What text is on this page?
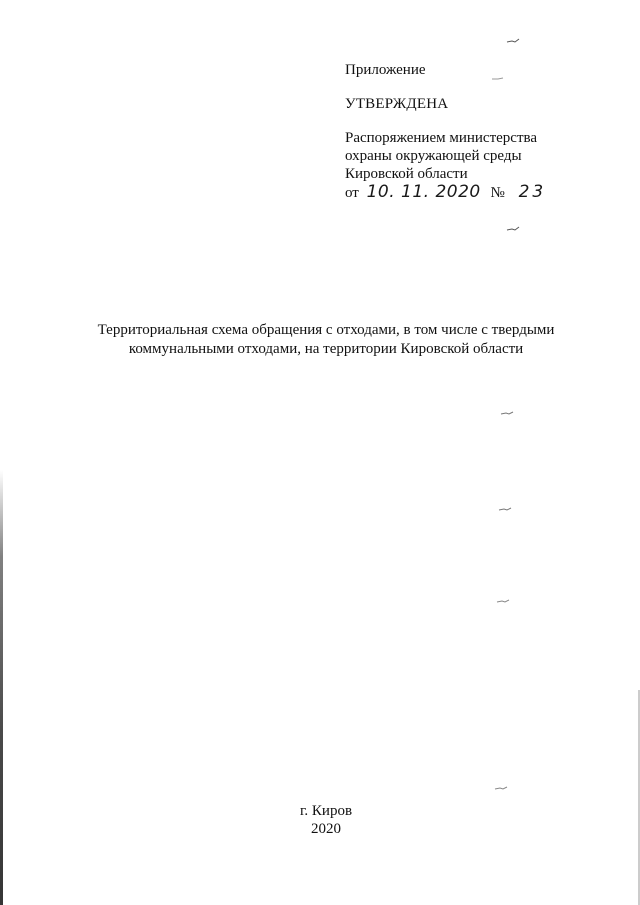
Приложение
УТВЕРЖДЕНА
Распоряжением министерства
охраны окружающей среды
Кировской области
от 10. 11. 2020 № 23
Территориальная схема обращения с отходами, в том числе с твердыми
коммунальными отходами, на территории Кировской области
г. Киров
2020
